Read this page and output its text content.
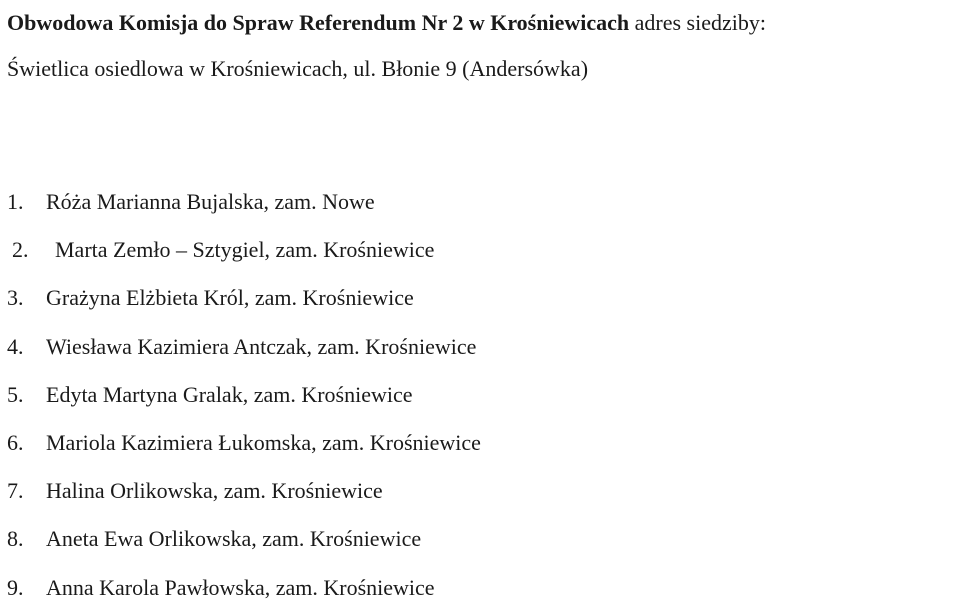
Obwodowa Komisja do Spraw Referendum Nr 2 w Krośniewicach adres siedziby:
Świetlica osiedlowa w Krośniewicach, ul. Błonie 9 (Andersówka)
1.	Róża Marianna Bujalska, zam. Nowe
2.	Marta Zemło – Sztygiel, zam. Krośniewice
3.	Grażyna Elżbieta Król, zam. Krośniewice
4.	Wiesława Kazimiera Antczak, zam. Krośniewice
5.	Edyta Martyna Gralak, zam. Krośniewice
6.	Mariola Kazimiera Łukomska, zam. Krośniewice
7.	Halina Orlikowska, zam. Krośniewice
8.	Aneta Ewa Orlikowska, zam. Krośniewice
9.	Anna Karola Pawłowska, zam. Krośniewice
